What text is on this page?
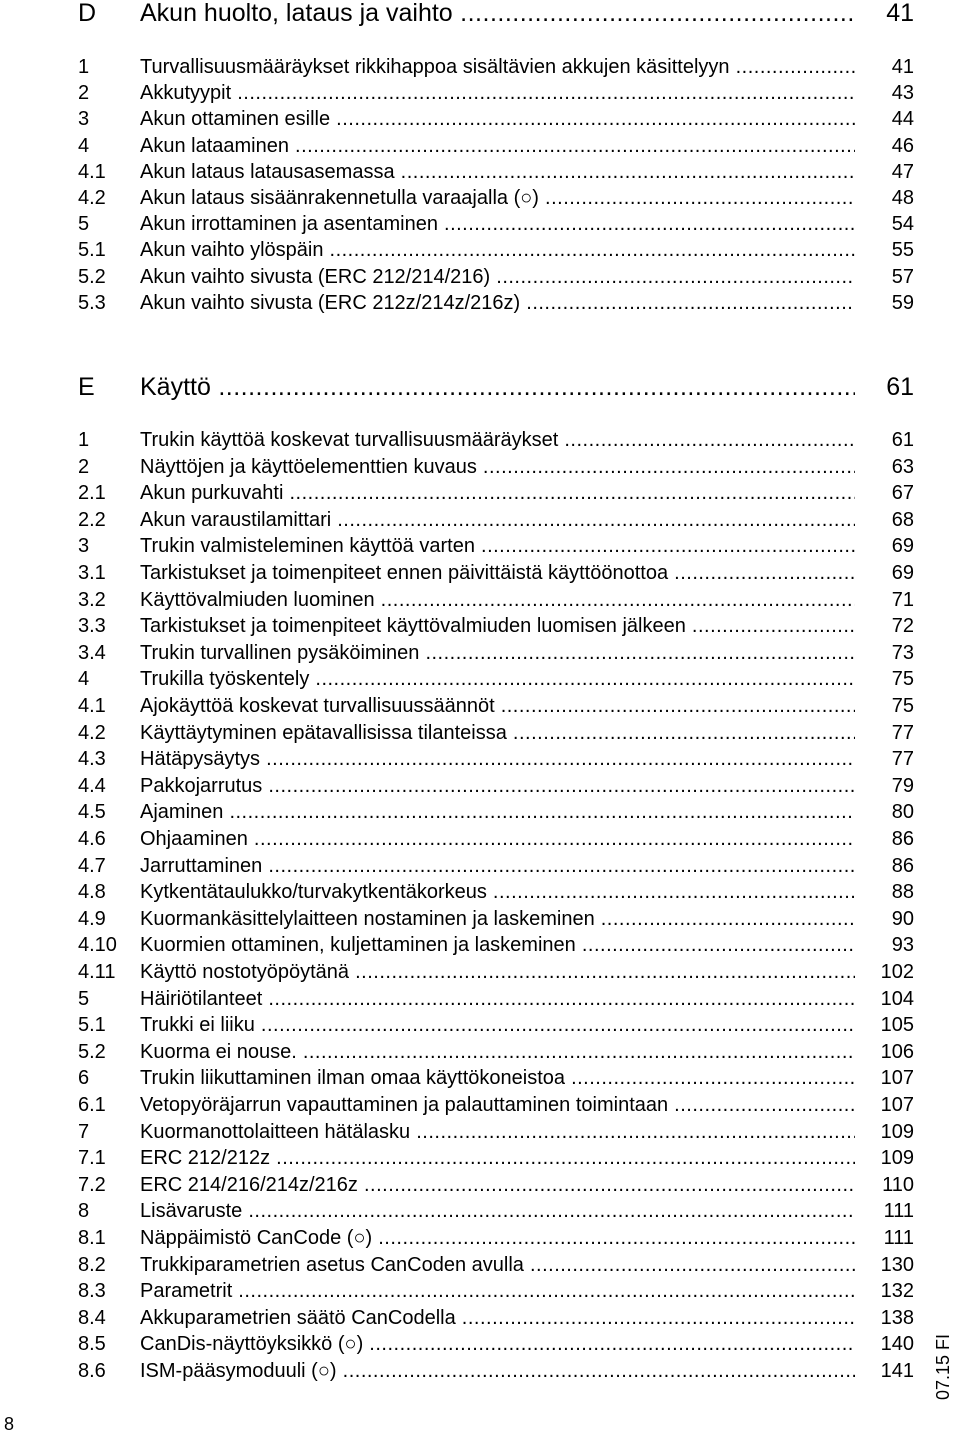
D Akun huolto, lataus ja vaihto .....	41
1	Turvallisuusmääräykset rikkihappoa sisältävien akkujen käsittelyyn .....	41
2	Akkutyypit .....	43
3	Akun ottaminen esille .....	44
4	Akun lataaminen .....	46
4.1 Akun lataus latausasemassa .....	47
4.2 Akun lataus sisäänrakennetulla varaajalla (○) .....	48
5	Akun irrottaminen ja asentaminen .....	54
5.1 Akun vaihto ylöspäin .....	55
5.2 Akun vaihto sivusta (ERC 212/214/216) .....	57
5.3 Akun vaihto sivusta (ERC 212z/214z/216z) .....	59
E Käyttö .....	61
1	Trukin käyttöä koskevat turvallisuusmääräykset .....	61
2	Näyttöjen ja käyttöelementtien kuvaus .....	63
2.1 Akun purkuvahti .....	67
2.2 Akun varaustilamittari .....	68
3	Trukin valmisteleminen käyttöä varten .....	69
3.1 Tarkistukset ja toimenpiteet ennen päivittäistä käyttöönottoa .....	69
3.2 Käyttövalmiuden luominen .....	71
3.3 Tarkistukset ja toimenpiteet käyttövalmiuden luomisen jälkeen .....	72
3.4 Trukin turvallinen pysäköiminen .....	73
4	Trukilla työskentely .....	75
4.1 Ajokäyttöä koskevat turvallisuussäännöt .....	75
4.2 Käyttäytyminen epätavallisissa tilanteissa .....	77
4.3 Hätäpysäytys .....	77
4.4 Pakkojarrutus .....	79
4.5 Ajaminen .....	80
4.6 Ohjaaminen .....	86
4.7 Jarruttaminen .....	86
4.8 Kytkentätaulukko/turvakytkentäkorkeus .....	88
4.9 Kuormankäsittelylaitteen nostaminen ja laskeminen .....	90
4.10 Kuormien ottaminen, kuljettaminen ja laskeminen .....	93
4.11 Käyttö nostotyöpöytänä .....	102
5	Häiriötilanteet .....	104
5.1 Trukki ei liiku .....	105
5.2 Kuorma ei nouse. .....	106
6	Trukin liikuttaminen ilman omaa käyttökoneistoa .....	107
6.1 Vetopyöräjarrun vapauttaminen ja palauttaminen toimintaan .....	107
7	Kuormanottolaitteen hätälasku .....	109
7.1 ERC 212/212z .....	109
7.2 ERC 214/216/214z/216z .....	110
8	Lisävaruste .....	111
8.1 Näppäimistö CanCode (○) .....	111
8.2 Trukkiparametrien asetus CanCoden avulla .....	130
8.3 Parametrit .....	132
8.4 Akkuparametrien säätö CanCodella .....	138
8.5 CanDis-näyttöyksikkö (○) .....	140
8.6 ISM-pääsymoduuli (○) .....	141
8
07.15 FI
